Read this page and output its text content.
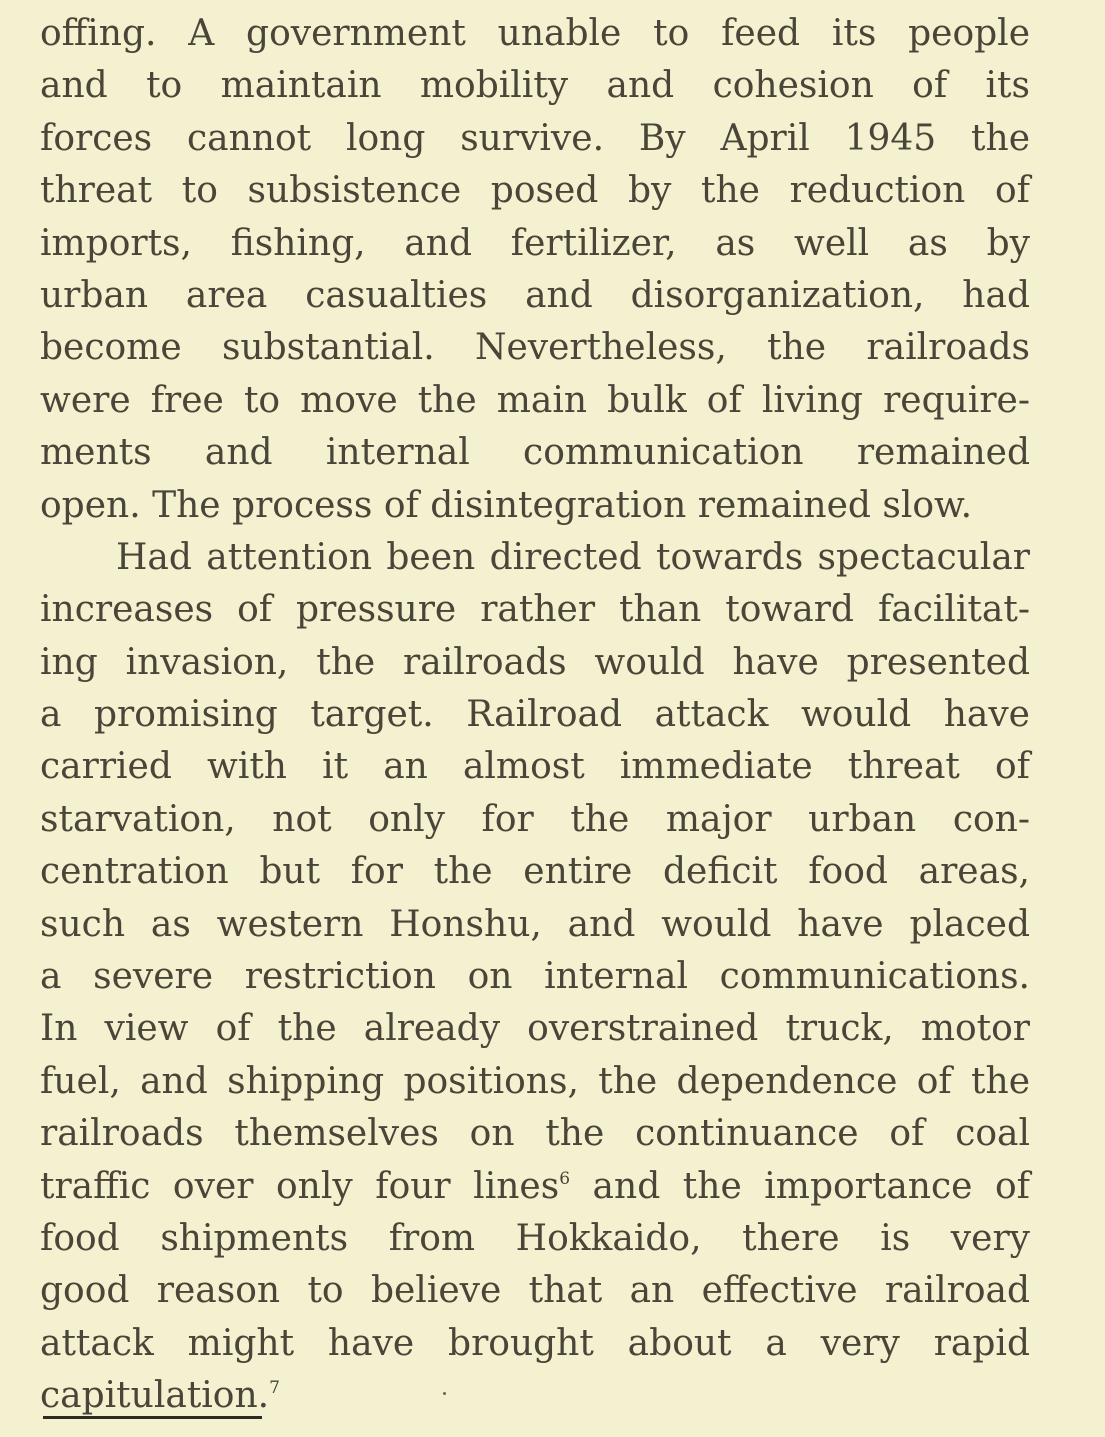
offing. A government unable to feed its people
and to maintain mobility and cohesion of its
forces cannot long survive. By April 1945 the
threat to subsistence posed by the reduction of
imports, fishing, and fertilizer, as well as by
urban area casualties and disorganization, had
become substantial. Nevertheless, the railroads
were free to move the main bulk of living require-
ments and internal communication remained
open. The process of disintegration remained slow.
Had attention been directed towards spectacular
increases of pressure rather than toward facilitat-
ing invasion, the railroads would have presented
a promising target. Railroad attack would have
carried with it an almost immediate threat of
starvation, not only for the major urban con-
centration but for the entire deficit food areas,
such as western Honshu, and would have placed
a severe restriction on internal communications.
In view of the already overstrained truck, motor
fuel, and shipping positions, the dependence of the
railroads themselves on the continuance of coal
traffic over only four lines$^6$ and the importance of
food shipments from Hokkaido, there is very
good reason to believe that an effective railroad
attack might have brought about a very rapid
capitulation.$^7$
